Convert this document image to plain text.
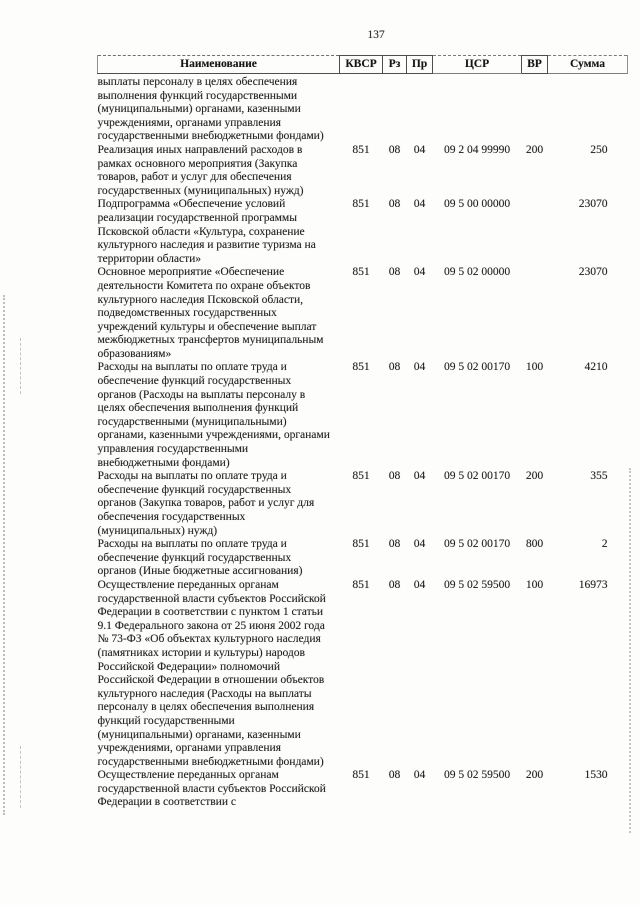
137
Наименование	КВСР	Рз	Пр	ЦСР	ВР	Сумма
выплаты персоналу в целях обеспечения выполнения функций государственными (муниципальными) органами, казенными учреждениями, органами управления государственными внебюджетными фондами)						
Реализация иных направлений расходов в рамках основного мероприятия (Закупка товаров, работ и услуг для обеспечения государственных (муниципальных) нужд)	851	08	04	09 2 04 99990	200	250
Подпрограмма «Обеспечение условий реализации государственной программы Псковской области «Культура, сохранение культурного наследия и развитие туризма на территории области»	851	08	04	09 5 00 00000		23070
Основное мероприятие «Обеспечение деятельности Комитета по охране объектов культурного наследия Псковской области, подведомственных государственных учреждений культуры и обеспечение выплат межбюджетных трансфертов муниципальным образованиям»	851	08	04	09 5 02 00000		23070
Расходы на выплаты по оплате труда и обеспечение функций государственных органов (Расходы на выплаты персоналу в целях обеспечения выполнения функций государственными (муниципальными) органами, казенными учреждениями, органами управления государственными внебюджетными фондами)	851	08	04	09 5 02 00170	100	4210
Расходы на выплаты по оплате труда и обеспечение функций государственных органов (Закупка товаров, работ и услуг для обеспечения государственных (муниципальных) нужд)	851	08	04	09 5 02 00170	200	355
Расходы на выплаты по оплате труда и обеспечение функций государственных органов (Иные бюджетные ассигнования)	851	08	04	09 5 02 00170	800	2
Осуществление переданных органам государственной власти субъектов Российской Федерации в соответствии с пунктом 1 статьи 9.1 Федерального закона от 25 июня 2002 года № 73-ФЗ «Об объектах культурного наследия (памятниках истории и культуры) народов Российской Федерации» полномочий Российской Федерации в отношении объектов культурного наследия (Расходы на выплаты персоналу в целях обеспечения выполнения функций государственными (муниципальными) органами, казенными учреждениями, органами управления государственными внебюджетными фондами)	851	08	04	09 5 02 59500	100	16973
Осуществление переданных органам государственной власти субъектов Российской Федерации в соответствии с	851	08	04	09 5 02 59500	200	1530
